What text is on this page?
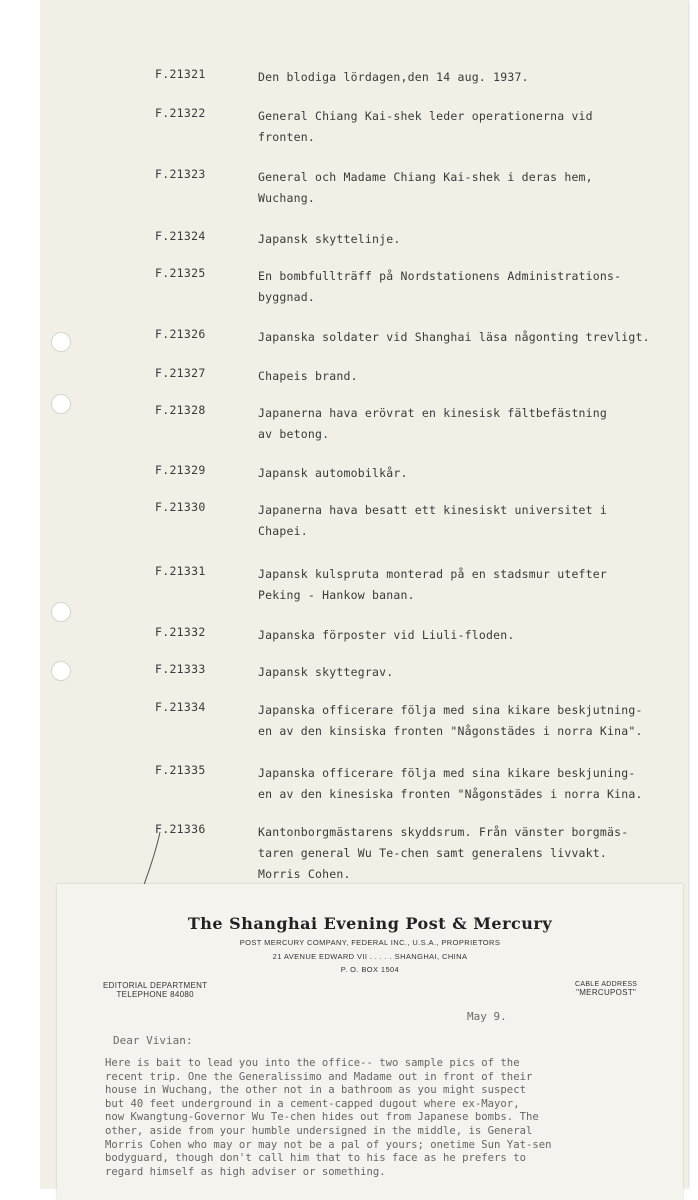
F.21321	Den blodiga lördagen,den 14 aug. 1937.
F.21322	General Chiang Kai-shek leder operationerna vid
fronten.
F.21323	General och Madame Chiang Kai-shek i deras hem,
Wuchang.
F.21324	Japansk skyttelinje.
F.21325	En bombfullträff på Nordstationens Administrations-
byggnad.
F.21326	Japanska soldater vid Shanghai läsa någonting trevligt.
F.21327	Chapeis brand.
F.21328	Japanerna hava erövrat en kinesisk fältbefästning
av betong.
F.21329	Japansk automobilkår.
F.21330	Japanerna hava besatt ett kinesiskt universitet i
Chapei.
F.21331	Japansk kulspruta monterad på en stadsmur utefter
Peking - Hankow banan.
F.21332	Japanska förposter vid Liuli-floden.
F.21333	Japansk skyttegrav.
F.21334	Japanska officerare följa med sina kikare beskjutning-
en av den kinsiska fronten "Någonstädes i norra Kina".
F.21335	Japanska officerare följa med sina kikare beskjuning-
en av den kinesiska fronten "Någonstädes i norra Kina.
F.21336	Kantonborgmästarens skyddsrum. Från vänster borgmäs-
taren general Wu Te-chen samt generalens livvakt.
Morris Cohen.
The Shanghai Evening Post & Mercury
POST MERCURY COMPANY, FEDERAL INC., U.S.A., PROPRIETORS
21 AVENUE EDWARD VII . . . . . SHANGHAI, CHINA
P. O. BOX 1504
EDITORIAL DEPARTMENT
TELEPHONE 84080
CABLE ADDRESS
"MERCUPOST"
May 9.
Dear Vivian:
Here is bait to lead you into the office-- two sample pics of the
recent trip. One the Generalissimo and Madame out in front of their
house in Wuchang, the other not in a bathroom as you might suspect
but 40 feet underground in a cement-capped dugout where ex-Mayor,
now Kwangtung-Governor Wu Te-chen hides out from Japanese bombs. The
other, aside from your humble undersigned in the middle, is General
Morris Cohen who may or may not be a pal of yours; onetime Sun Yat-sen
bodyguard, though don't call him that to his face as he prefers to
regard himself as high adviser or something.
